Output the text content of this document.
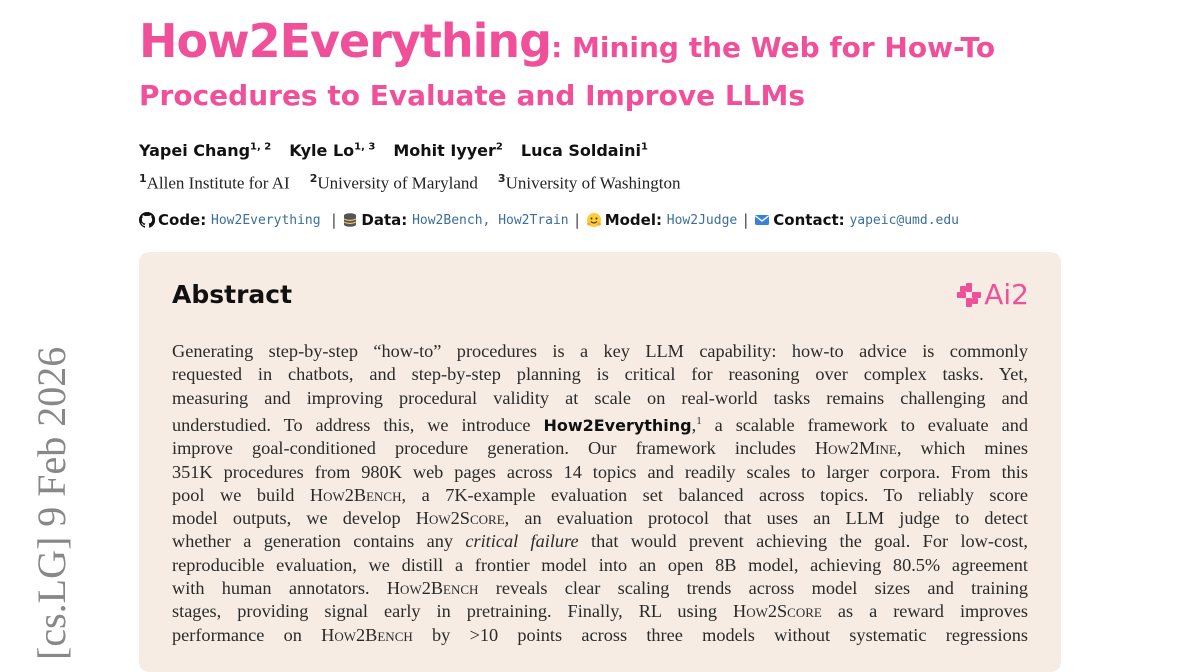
How2Everything: Mining the Web for How-To
Procedures to Evaluate and Improve LLMs
Yapei Chang$^{1, 2}$ Kyle Lo$^{1, 3}$ Mohit Iyyer$^2$ Luca Soldaini$^1$
$^1$Allen Institute for AI $^2$University of Maryland $^3$University of Washington
Code:
How2Everything | Data:
How2Bench , How2Train | Model:
How2Judge | Contact:
yapeic@umd.edu
Abstract	Ai2
Generating step-by-step “how-to” procedures is a key LLM capability: how-to advice is commonly
requested in chatbots, and step-by-step planning is critical for reasoning over complex tasks. Yet,
measuring and improving procedural validity at scale on real-world tasks remains challenging and
understudied. To address this, we introduce How2Everything,$^1$ a scalable framework to evaluate and
improve goal-conditioned procedure generation. Our framework includes How2Mine, which mines
351K procedures from 980K web pages across 14 topics and readily scales to larger corpora. From this
pool we build How2Bench, a 7K-example evaluation set balanced across topics. To reliably score
model outputs, we develop How2Score, an evaluation protocol that uses an LLM judge to detect
whether a generation contains any critical failure that would prevent achieving the goal. For low-cost,
reproducible evaluation, we distill a frontier model into an open 8B model, achieving 80.5% agreement
with human annotators. How2Bench reveals clear scaling trends across model sizes and training
stages, providing signal early in pretraining. Finally, RL using How2Score as a reward improves
performance on How2Bench by >10 points across three models without systematic regressions
[cs.LG] 9 Feb 2026
